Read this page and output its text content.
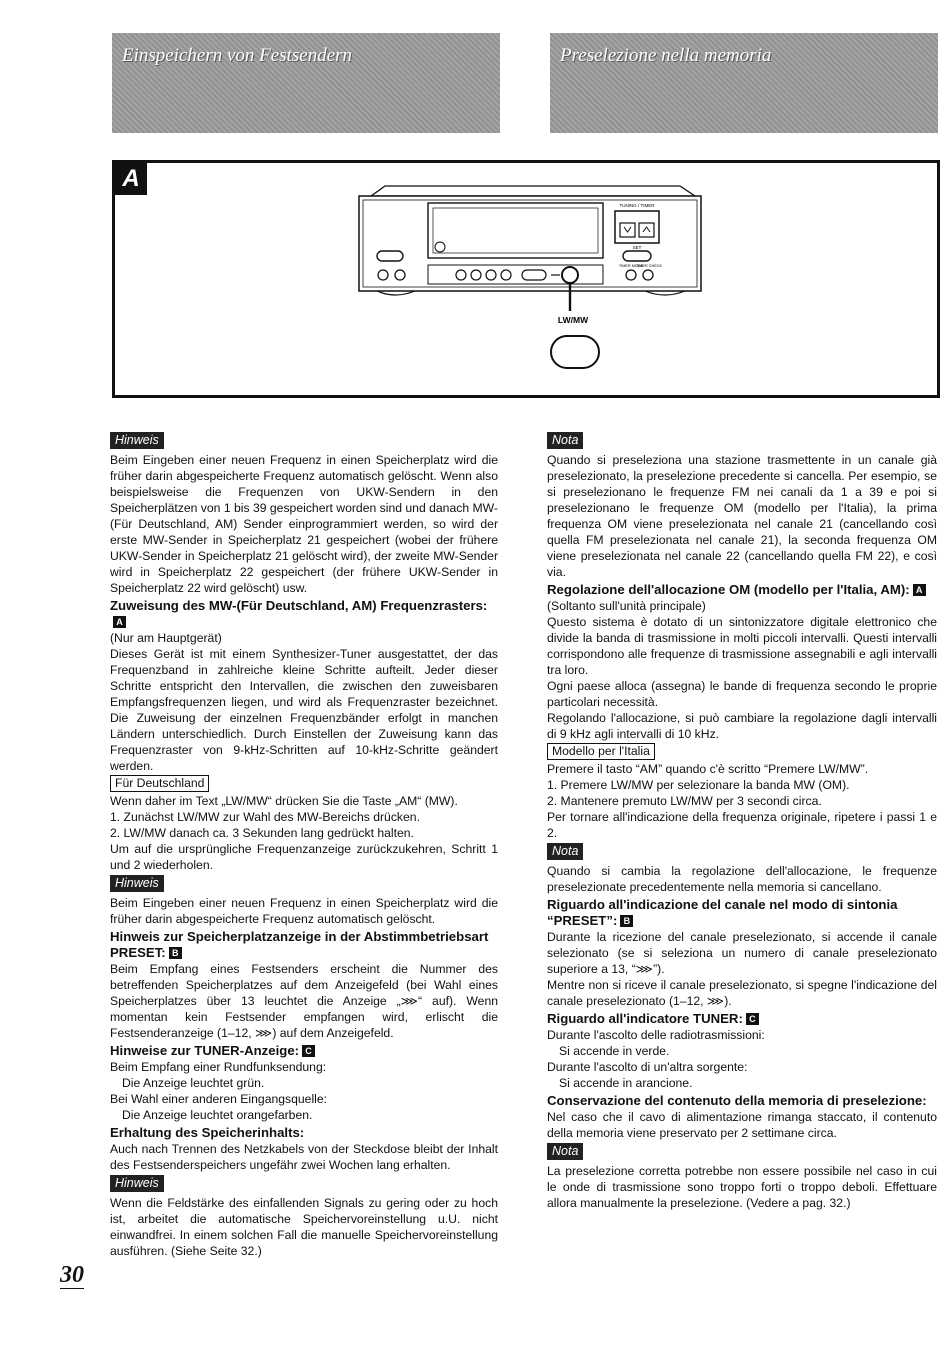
Einspeichern von Festsendern	Preselezione nella memoria
A
TUNING / TIMER
SET
TIMER MODE
TIMER CHECK
LW/MW
Hinweis

Beim Eingeben einer neuen Frequenz in einen Speicherplatz wird die früher darin abgespeicherte Frequenz automatisch gelöscht. Wenn also beispielsweise die Frequenzen von UKW-Sendern in den Speicherplätzen von 1 bis 39 gespeichert worden sind und danach MW- (Für Deutschland, AM) Sender einprogrammiert werden, so wird der erste MW-Sender in Speicherplatz 21 gespeichert (wobei der frühere UKW-Sender in Speicherplatz 21 gelöscht wird), der zweite MW-Sender wird in Speicherplatz 22 gespeichert (der frühere UKW-Sender in Speicherplatz 22 wird gelöscht) usw.

Zuweisung des MW-(Für Deutschland, AM) Frequenzrasters:A

(Nur am Hauptgerät)

Dieses Gerät ist mit einem Synthesizer-Tuner ausgestattet, der das Frequenzband in zahlreiche kleine Schritte aufteilt. Jeder dieser Schritte entspricht den Intervallen, die zwischen den zuweisbaren Empfangsfrequenzen liegen, und wird als Frequenzraster bezeichnet. Die Zuweisung der einzelnen Frequenzbänder erfolgt in manchen Ländern unterschiedlich. Durch Einstellen der Zuweisung kann das Frequenzraster von 9-kHz-Schritten auf 10-kHz-Schritte geändert werden.

Für Deutschland

Wenn daher im Text „LW/MW“ drücken Sie die Taste „AM“ (MW).

1. Zunächst LW/MW zur Wahl des MW-Bereichs drücken.

2. LW/MW danach ca. 3 Sekunden lang gedrückt halten.

Um auf die ursprüngliche Frequenzanzeige zurückzukehren, Schritt 1 und 2 wiederholen.

Hinweis

Beim Eingeben einer neuen Frequenz in einen Speicherplatz wird die früher darin abgespeicherte Frequenz automatisch gelöscht.

Hinweis zur Speicherplatzanzeige in der Abstimmbetriebsart PRESET: B

Beim Empfang eines Festsenders erscheint die Nummer des betreffenden Speicherplatzes auf dem Anzeigefeld (bei Wahl eines Speicherplatzes über 13 leuchtet die Anzeige „⋙“ auf). Wenn momentan kein Festsender empfangen wird, erlischt die Festsenderanzeige (1–12, ⋙) auf dem Anzeigefeld.

Hinweise zur TUNER-Anzeige: C

Beim Empfang einer Rundfunksendung:

Die Anzeige leuchtet grün.

Bei Wahl einer anderen Eingangsquelle:

Die Anzeige leuchtet orangefarben.

Erhaltung des Speicherinhalts:

Auch nach Trennen des Netzkabels von der Steckdose bleibt der Inhalt des Festsenderspeichers ungefähr zwei Wochen lang erhalten.

Hinweis

Wenn die Feldstärke des einfallenden Signals zu gering oder zu hoch ist, arbeitet die automatische Speichervoreinstellung u.U. nicht einwandfrei. In einem solchen Fall die manuelle Speichervoreinstellung ausführen. (Siehe Seite 32.)

Nota

Quando si preseleziona una stazione trasmettente in un canale già preselezionato, la preselezione precedente si cancella. Per esempio, se si preselezionano le frequenze FM nei canali da 1 a 39 e poi si preselezionano le frequenze OM (modello per l'Italia), la prima frequenza OM viene preselezionata nel canale 21 (cancellando così quella FM preselezionata nel canale 21), la seconda frequenza OM viene preselezionata nel canale 22 (cancellando quella FM 22), e così via.

Regolazione dell'allocazione OM (modello per l'Italia, AM): A

(Soltanto sull'unità principale)

Questo sistema è dotato di un sintonizzatore digitale elettronico che divide la banda di trasmissione in molti piccoli intervalli. Questi intervalli corrispondono alle frequenze di trasmissione assegnabili e agli intervalli tra loro.

Ogni paese alloca (assegna) le bande di frequenza secondo le proprie particolari necessità.

Regolando l'allocazione, si può cambiare la regolazione dagli intervalli di 9 kHz agli intervalli di 10 kHz.

Modello per l'Italia

Premere il tasto “AM” quando c'è scritto “Premere LW/MW”.

1. Premere LW/MW per selezionare la banda MW (OM).

2. Mantenere premuto LW/MW per 3 secondi circa.

Per tornare all'indicazione della frequenza originale, ripetere i passi 1 e 2.

Nota

Quando si cambia la regolazione dell'allocazione, le frequenze preselezionate precedentemente nella memoria si cancellano.

Riguardo all'indicazione del canale nel modo di sintonia “PRESET”: B

Durante la ricezione del canale preselezionato, si accende il canale selezionato (se si seleziona un numero di canale preselezionato superiore a 13, “⋙”).

Mentre non si riceve il canale preselezionato, si spegne l'indicazione del canale preselezionato (1–12, ⋙).

Riguardo all'indicatore TUNER: C

Durante l'ascolto delle radiotrasmissioni:

Si accende in verde.

Durante l'ascolto di un'altra sorgente:

Si accende in arancione.

Conservazione del contenuto della memoria di preselezione:

Nel caso che il cavo di alimentazione rimanga staccato, il contenuto della memoria viene preservato per 2 settimane circa.

Nota

La preselezione corretta potrebbe non essere possibile nel caso in cui le onde di trasmissione sono troppo forti o troppo deboli. Effettuare allora manualmente la preselezione. (Vedere a pag. 32.)

30
